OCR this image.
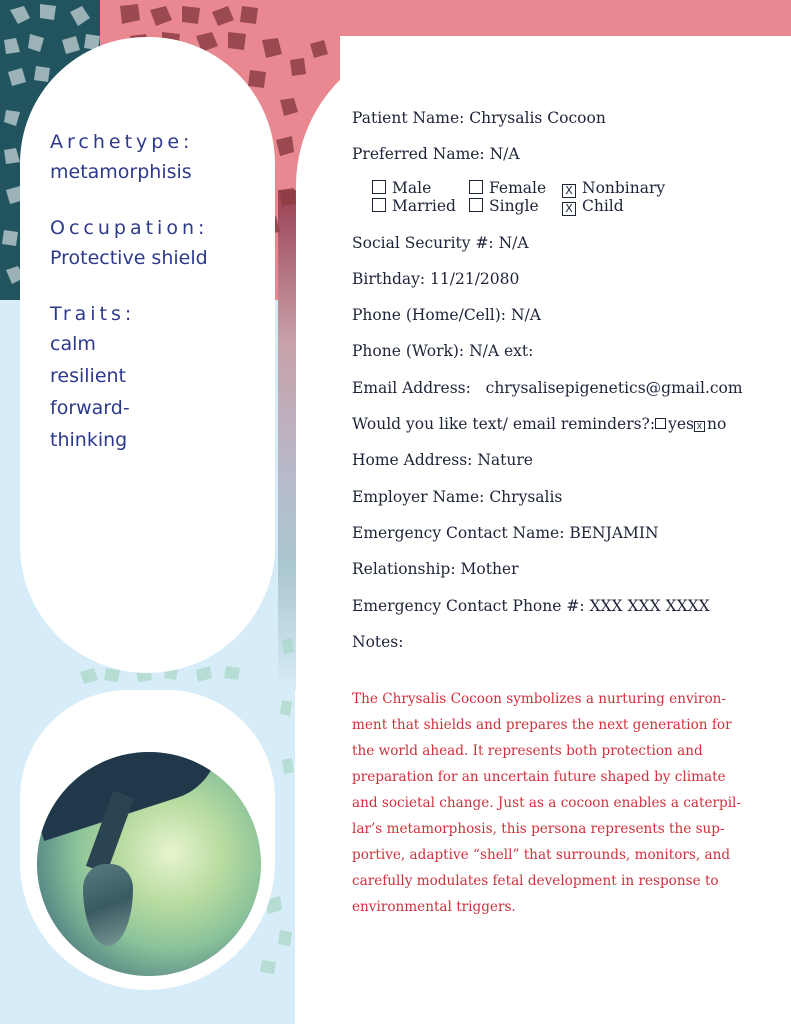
Archetype:

metamorphisis

Occupation:

Protective shield

Traits:

calm

resilient

forward-

thinking

Patient Name: Chrysalis Cocoon
Preferred Name: N/A
Male	Female X Nonbinary
Married	Single X Child
Social Security #: N/A
Birthday: 11/21/2080
Phone (Home/Cell): N/A
Phone (Work): N/A ext:
Email Address: chrysalisepigenetics@gmail.com
Would you like text/ email reminders?: yes X no
Home Address: Nature
Employer Name: Chrysalis
Emergency Contact Name: BENJAMIN
Relationship: Mother
Emergency Contact Phone #: XXX XXX XXXX
Notes:
The Chrysalis Cocoon symbolizes a nurturing environ-
ment that shields and prepares the next generation for
the world ahead. It represents both protection and
preparation for an uncertain future shaped by climate
and societal change. Just as a cocoon enables a caterpil-
lar’s metamorphosis, this persona represents the sup-
portive, adaptive “shell” that surrounds, monitors, and
carefully modulates fetal development in response to
environmental triggers.
